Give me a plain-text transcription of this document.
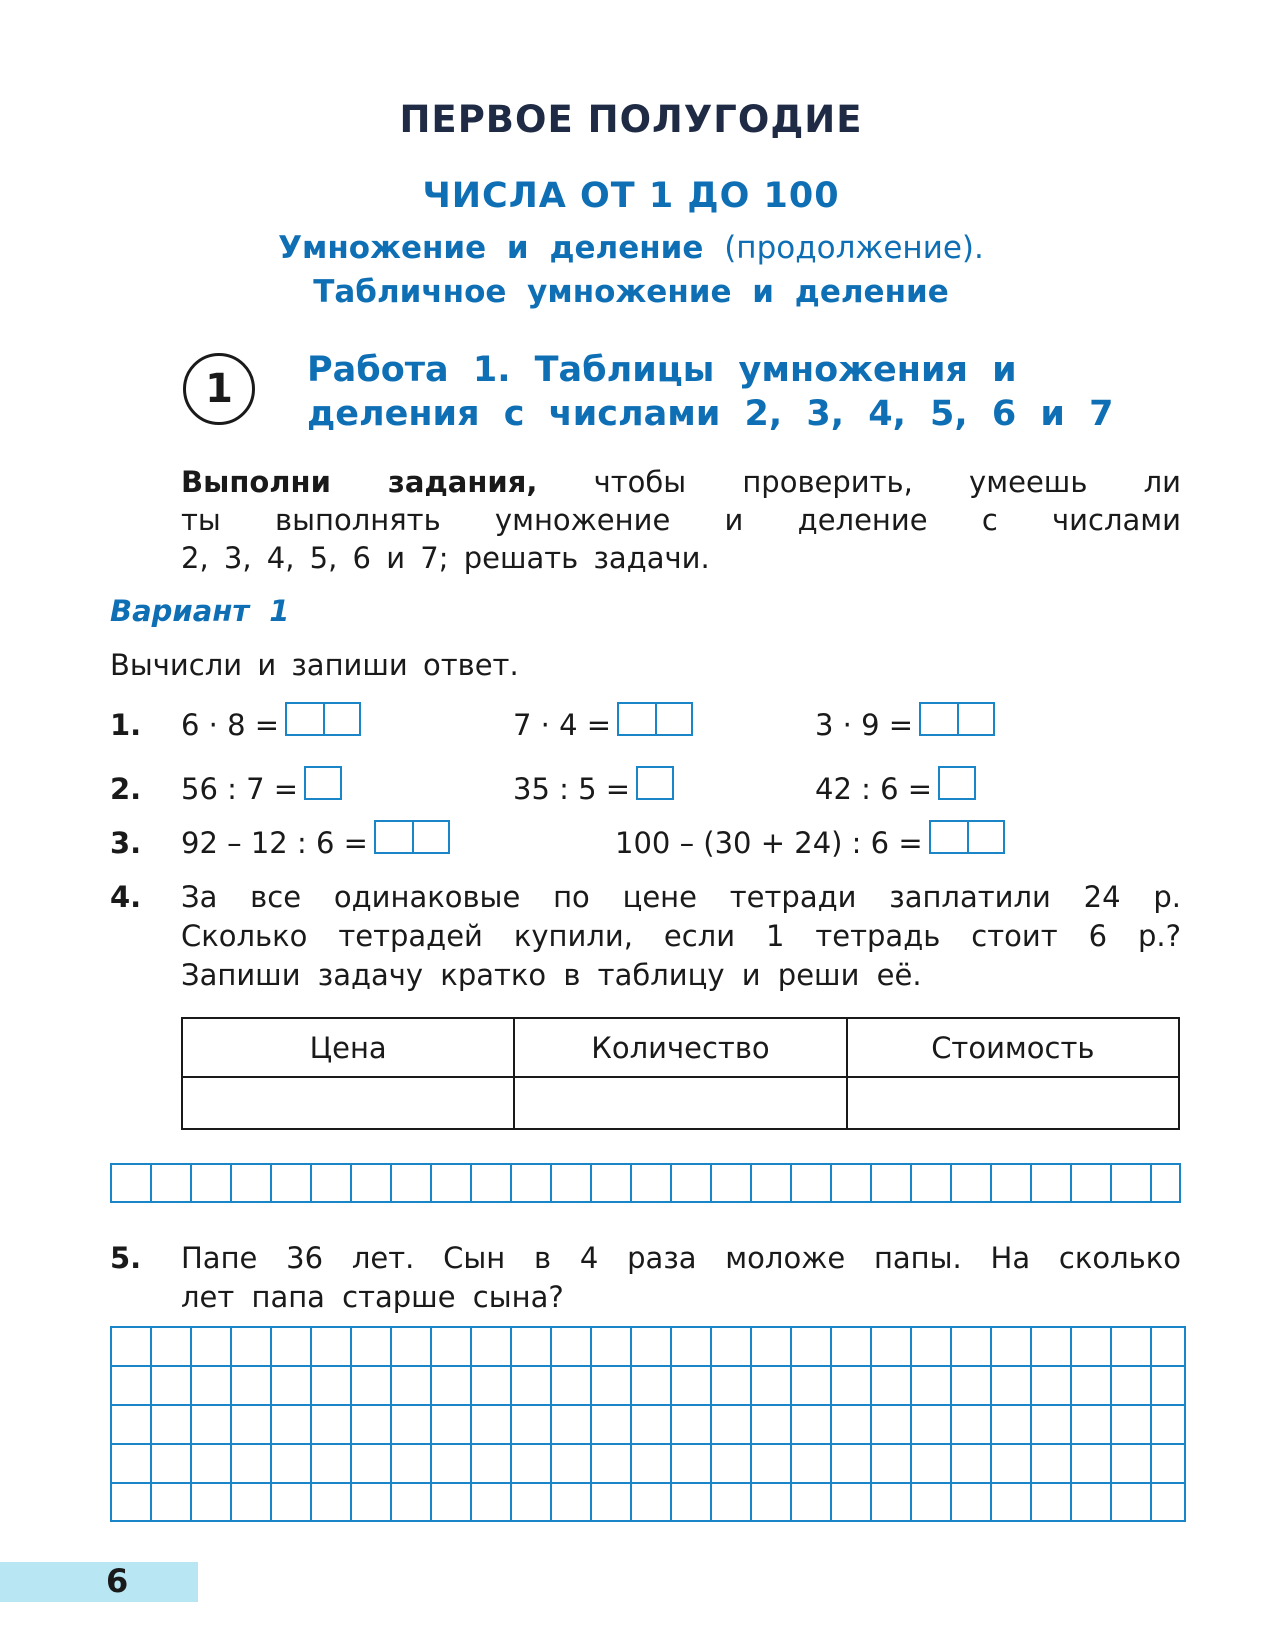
ПЕРВОЕ ПОЛУГОДИЕ
ЧИСЛА ОТ 1 ДО 100
Умножение и деление (продолжение).
Табличное умножение и деление
1	Работа 1. Таблицы умножения и
деления с числами 2, 3, 4, 5, 6 и 7
Выполни задания, чтобы проверить, умеешь ли
ты выполнять умножение и деление с числами
2, 3, 4, 5, 6 и 7; решать задачи.
Вариант 1
Вычисли и запиши ответ.
1. 6 · 8 =	7 · 4 =	3 · 9 =
2. 56 : 7 =	35 : 5 =	42 : 6 =
3. 92 – 12 : 6 =	100 – (30 + 24) : 6 =
4. За все одинаковые по цене тетради заплатили 24 р.
Сколько тетрадей купили, если 1 тетрадь стоит 6 р.?
Запиши задачу кратко в таблицу и реши её.
Цена	Количество	Стоимость

5. Папе 36 лет. Сын в 4 раза моложе папы. На сколько
лет папа старше сына?
6
